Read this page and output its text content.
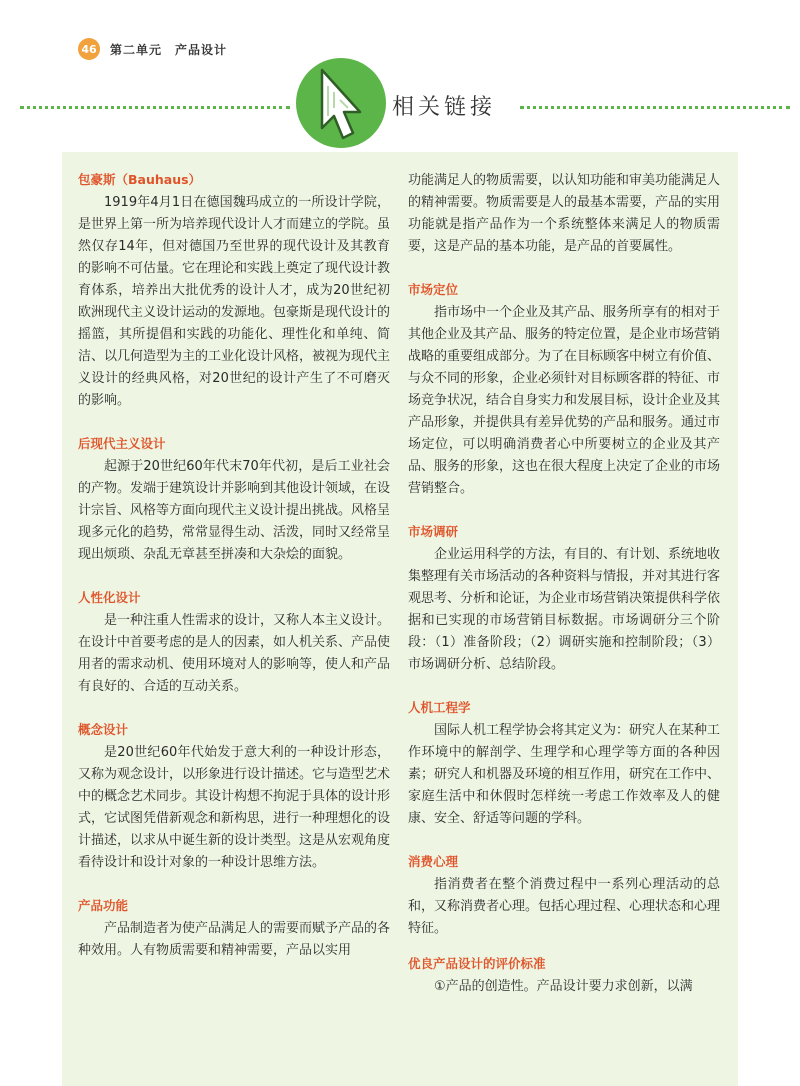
46 第二单元　产品设计
相关链接
包豪斯（Bauhaus）

1919年4月1日在德国魏玛成立的一所设计学院，是世界上第一所为培养现代设计人才而建立的学院。虽然仅存14年，但对德国乃至世界的现代设计及其教育的影响不可估量。它在理论和实践上奠定了现代设计教育体系，培养出大批优秀的设计人才，成为20世纪初欧洲现代主义设计运动的发源地。包豪斯是现代设计的摇篮，其所提倡和实践的功能化、理性化和单纯、简洁、以几何造型为主的工业化设计风格，被视为现代主义设计的经典风格，对20世纪的设计产生了不可磨灭的影响。

后现代主义设计

起源于20世纪60年代末70年代初，是后工业社会的产物。发端于建筑设计并影响到其他设计领域，在设计宗旨、风格等方面向现代主义设计提出挑战。风格呈现多元化的趋势，常常显得生动、活泼，同时又经常呈现出烦琐、杂乱无章甚至拼凑和大杂烩的面貌。

人性化设计

是一种注重人性需求的设计，又称人本主义设计。在设计中首要考虑的是人的因素，如人机关系、产品使用者的需求动机、使用环境对人的影响等，使人和产品有良好的、合适的互动关系。

概念设计

是20世纪60年代始发于意大利的一种设计形态，又称为观念设计，以形象进行设计描述。它与造型艺术中的概念艺术同步。其设计构想不拘泥于具体的设计形式，它试图凭借新观念和新构思，进行一种理想化的设计描述，以求从中诞生新的设计类型。这是从宏观角度看待设计和设计对象的一种设计思维方法。

产品功能

产品制造者为使产品满足人的需要而赋予产品的各种效用。人有物质需要和精神需要，产品以实用

功能满足人的物质需要，以认知功能和审美功能满足人的精神需要。物质需要是人的最基本需要，产品的实用功能就是指产品作为一个系统整体来满足人的物质需要，这是产品的基本功能，是产品的首要属性。

市场定位

指市场中一个企业及其产品、服务所享有的相对于其他企业及其产品、服务的特定位置，是企业市场营销战略的重要组成部分。为了在目标顾客中树立有价值、与众不同的形象，企业必须针对目标顾客群的特征、市场竞争状况，结合自身实力和发展目标，设计企业及其产品形象，并提供具有差异优势的产品和服务。通过市场定位，可以明确消费者心中所要树立的企业及其产品、服务的形象，这也在很大程度上决定了企业的市场营销整合。

市场调研

企业运用科学的方法，有目的、有计划、系统地收集整理有关市场活动的各种资料与情报，并对其进行客观思考、分析和论证，为企业市场营销决策提供科学依据和已实现的市场营销目标数据。市场调研分三个阶段：（1）准备阶段；（2）调研实施和控制阶段；（3）市场调研分析、总结阶段。

人机工程学

国际人机工程学协会将其定义为：研究人在某种工作环境中的解剖学、生理学和心理学等方面的各种因素；研究人和机器及环境的相互作用，研究在工作中、家庭生活中和休假时怎样统一考虑工作效率及人的健康、安全、舒适等问题的学科。

消费心理

指消费者在整个消费过程中一系列心理活动的总和，又称消费者心理。包括心理过程、心理状态和心理特征。

优良产品设计的评价标准

①产品的创造性。产品设计要力求创新，以满
